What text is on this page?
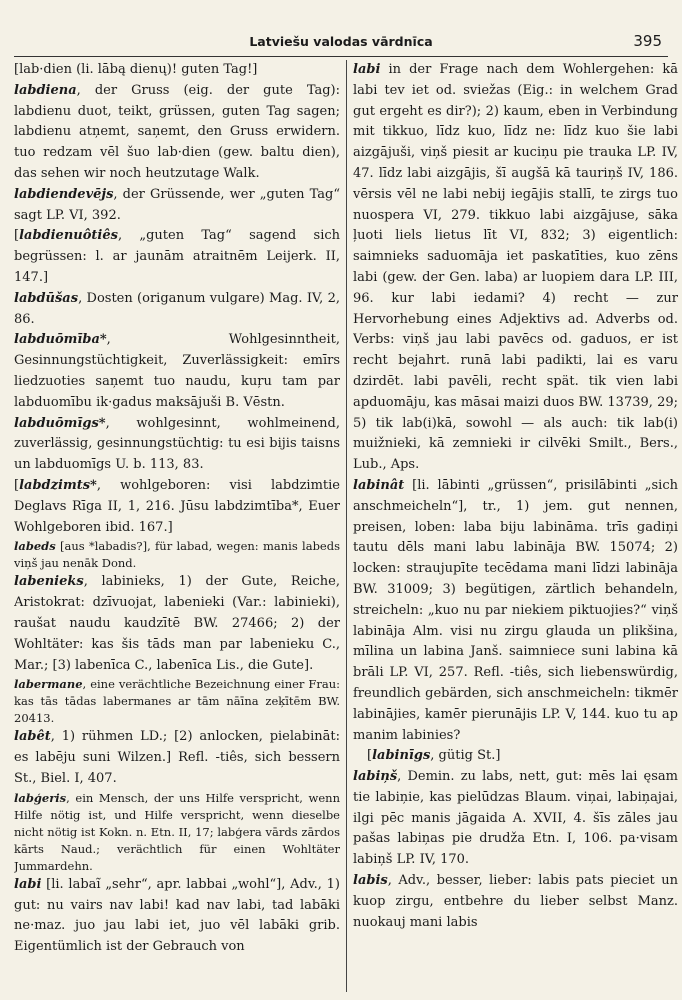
Latviešu valodas vārdnīca	395

[lab·dien (li. lābą dienų)! guten Tag!]

labdiena, der Gruss (eig. der gute Tag): labdienu duot, teikt, grüssen, guten Tag sagen; labdienu atņemt, saņemt, den Gruss erwidern. tuo redzam vēl šuo lab·dien (gew. baltu dien), das sehen wir noch heutzutage Walk.

labdiendevējs, der Grüssende, wer „guten Tag“ sagt LP. VI, 392.

[labdienuôtiês, „guten Tag“ sagend sich begrüssen: l. ar jaunām atraitnēm Leijerk. II, 147.]

labdūšas, Dosten (origanum vulgare) Mag. IV, 2, 86.

labduōmība*, Wohlgesinntheit, Gesinnungstüchtigkeit, Zuverlässigkeit: emīrs liedzuoties saņemt tuo naudu, kuŗu tam par labduomību ik·gadus maksājuši B. Vēstn.

labduōmīgs*, wohlgesinnt, wohlmeinend, zuverlässig, gesinnungstüchtig: tu esi bijis taisns un labduomīgs U. b. 113, 83.

[labdzimts*, wohlgeboren: visi labdzimtie Deglavs Rīga II, 1, 216. Jūsu labdzimtība*, Euer Wohlgeboren ibid. 167.]

labeds [aus *labadis?], für labad, wegen: manis labeds viņš jau nenāk Dond.

labenieks, labinieks, 1) der Gute, Reiche, Aristokrat: dzīvuojat, labenieki (Var.: labinieki), raušat naudu kaudzītē BW. 27466; 2) der Wohltäter: kas šis tāds man par labenieku C., Mar.; [3) labenīca C., labenīca Lis., die Gute].

labermane, eine verächtliche Bezeichnung einer Frau: kas tās tādas labermanes ar tām nāīna zeķītēm BW. 20413.

labêt, 1) rühmen LD.; [2) anlocken, pielabināt: es labēju suni Wilzen.] Refl. -tiês, sich bessern St., Biel. I, 407.

labģeris, ein Mensch, der uns Hilfe verspricht, wenn Hilfe nötig ist, und Hilfe verspricht, wenn dieselbe nicht nötig ist Kokn. n. Etn. II, 17; labģera vārds zārdos kārts Naud.; verächtlich für einen Wohltäter Jummardehn.

labi [li. labaĩ „sehr“, apr. labbai „wohl“], Adv., 1) gut: nu vairs nav labi! kad nav labi, tad labāki ne·maz. juo jau labi iet, juo vēl labāki grib. Eigentümlich ist der Gebrauch von

labi in der Frage nach dem Wohlergehen: kā labi tev iet od. sviežas (Eig.: in welchem Grad gut ergeht es dir?); 2) kaum, eben in Verbindung mit tikkuo, līdz kuo, līdz ne: līdz kuo šie labi aizgājuši, viņš piesit ar kuciņu pie trauka LP. IV, 47. līdz labi aizgājis, šī augšā kā tauriņš IV, 186. vērsis vēl ne labi nebij iegājis stallī, te zirgs tuo nuosperа VI, 279. tikkuo labi aizgājuse, sāka ļuoti liels lietus līt VI, 832; 3) eigentlich: saimnieks saduomāja iet paskatīties, kuo zēns labi (gew. der Gen. laba) ar luopiem dara LP. III, 96. kur labi iedami? 4) recht — zur Hervorhebung eines Adjektivs ad. Adverbs od. Verbs: viņš jau labi pavēcs od. gaduos, er ist recht bejahrt. runā labi padikti, lai es varu dzirdēt. labi pavēli, recht spät. tik vien labi apduomāju, kas māsai maizi duos BW. 13739, 29; 5) tik lab(i)kā, sowohl — als auch: tik lab(i) muižnieki, kā zemnieki ir cilvēki Smilt., Bers., Lub., Aps.

labinât [li. lābinti „grüssen“, prisilābinti „sich anschmeicheln“], tr., 1) jem. gut nennen, preisen, loben: laba biju labināma. trīs gadiņi tautu dēls mani labu labināja BW. 15074; 2) locken: straujupīte tecēdama mani līdzi labināja BW. 31009; 3) begütigen, zärtlich behandeln, streicheln: „kuo nu par niekiem piktuojies?“ viņš labināja Alm. visi nu zirgu glauda un plikšina, mīlina un labina Janš. saimniece suni labina kā brāli LP. VI, 257. Refl. -tiês, sich liebenswürdig, freundlich gebärden, sich anschmeicheln: tikmēr labinājies, kamēr pierunājis LP. V, 144. kuo tu ap manim labinies?

[labinīgs, gütig St.]

labiņš, Demin. zu labs, nett, gut: mēs lai ęsam tie labiņie, kas pielūdzas Blaum. viņai, labiņajai, ilgi pēc manis jāgaida A. XVII, 4. šīs zāles jau pašas labiņas pie drudža Etn. I, 106. pa·visam labiņš LP. IV, 170.

labis, Adv., besser, lieber: labis pats pieciet un kuop zirgu, entbehre du lieber selbst Manz. nuokauj mani labis
